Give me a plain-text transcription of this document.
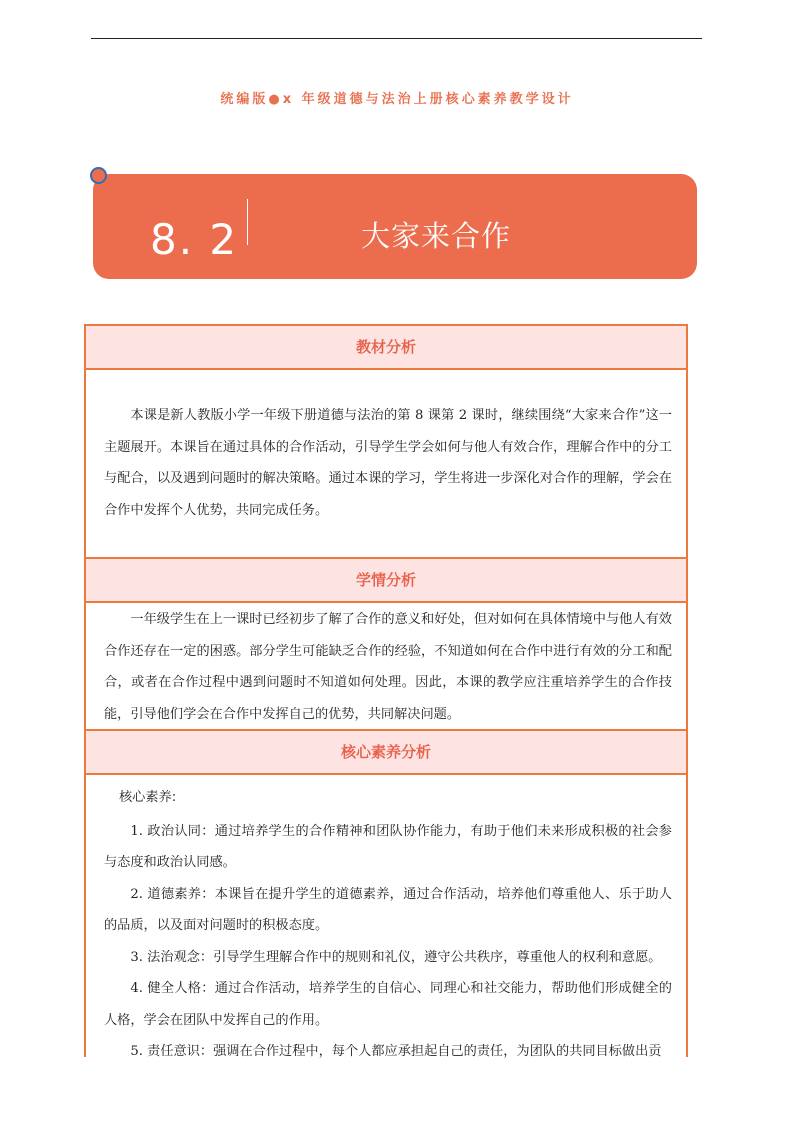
统编版●x 年级道德与法治上册核心素养教学设计
8. 2	大家来合作
教材分析

本课是新人教版小学一年级下册道德与法治的第 8 课第 2 课时，继续围绕“大家来合作”这一主题展开。本课旨在通过具体的合作活动，引导学生学会如何与他人有效合作，理解合作中的分工与配合，以及遇到问题时的解决策略。通过本课的学习，学生将进一步深化对合作的理解，学会在合作中发挥个人优势，共同完成任务。

学情分析

一年级学生在上一课时已经初步了解了合作的意义和好处，但对如何在具体情境中与他人有效合作还存在一定的困惑。部分学生可能缺乏合作的经验，不知道如何在合作中进行有效的分工和配合，或者在合作过程中遇到问题时不知道如何处理。因此，本课的教学应注重培养学生的合作技能，引导他们学会在合作中发挥自己的优势，共同解决问题。

核心素养分析

核心素养:

1. 政治认同：通过培养学生的合作精神和团队协作能力，有助于他们未来形成积极的社会参与态度和政治认同感。

2. 道德素养：本课旨在提升学生的道德素养，通过合作活动，培养他们尊重他人、乐于助人的品质，以及面对问题时的积极态度。

3. 法治观念：引导学生理解合作中的规则和礼仪，遵守公共秩序，尊重他人的权利和意愿。

4. 健全人格：通过合作活动，培养学生的自信心、同理心和社交能力，帮助他们形成健全的人格，学会在团队中发挥自己的作用。

5. 责任意识：强调在合作过程中，每个人都应承担起自己的责任，为团队的共同目标做出贡
